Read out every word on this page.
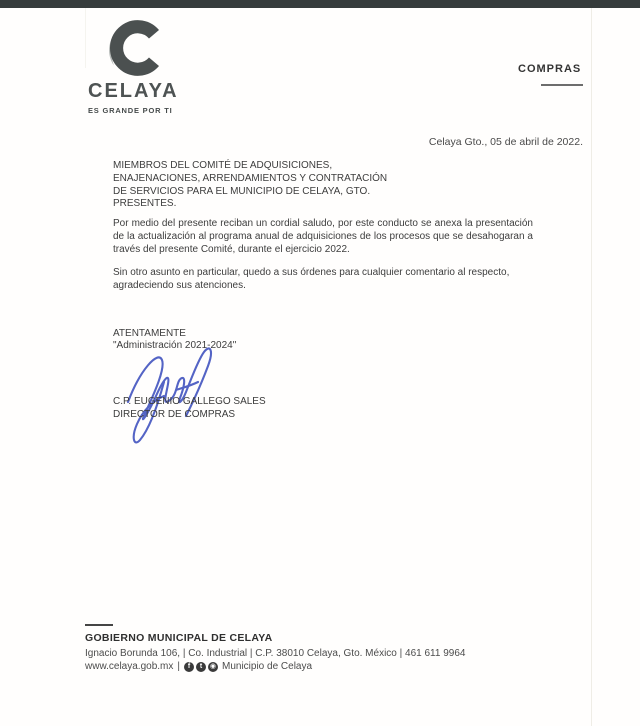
CELAYA
ES GRANDE POR TI
COMPRAS
Celaya Gto., 05 de abril de 2022.
MIEMBROS DEL COMITÉ DE ADQUISICIONES,
ENAJENACIONES, ARRENDAMIENTOS Y CONTRATACIÓN
DE SERVICIOS PARA EL MUNICIPIO DE CELAYA, GTO.
PRESENTES.
Por medio del presente reciban un cordial saludo, por este conducto se anexa la presentación de la actualización al programa anual de adquisiciones de los procesos que se desahogaran a través del presente Comité, durante el ejercicio 2022.
Sin otro asunto en particular, quedo a sus órdenes para cualquier comentario al respecto, agradeciendo sus atenciones.
ATENTAMENTE
"Administración 2021-2024"
C.P. EUGENIO GALLEGO SALES
DIRECTOR DE COMPRAS
GOBIERNO MUNICIPAL DE CELAYA
Ignacio Borunda 106, | Co. Industrial | C.P. 38010 Celaya, Gto. México | 461 611 9964
www.celaya.gob.mx |	f	t	◉ Municipio de Celaya
